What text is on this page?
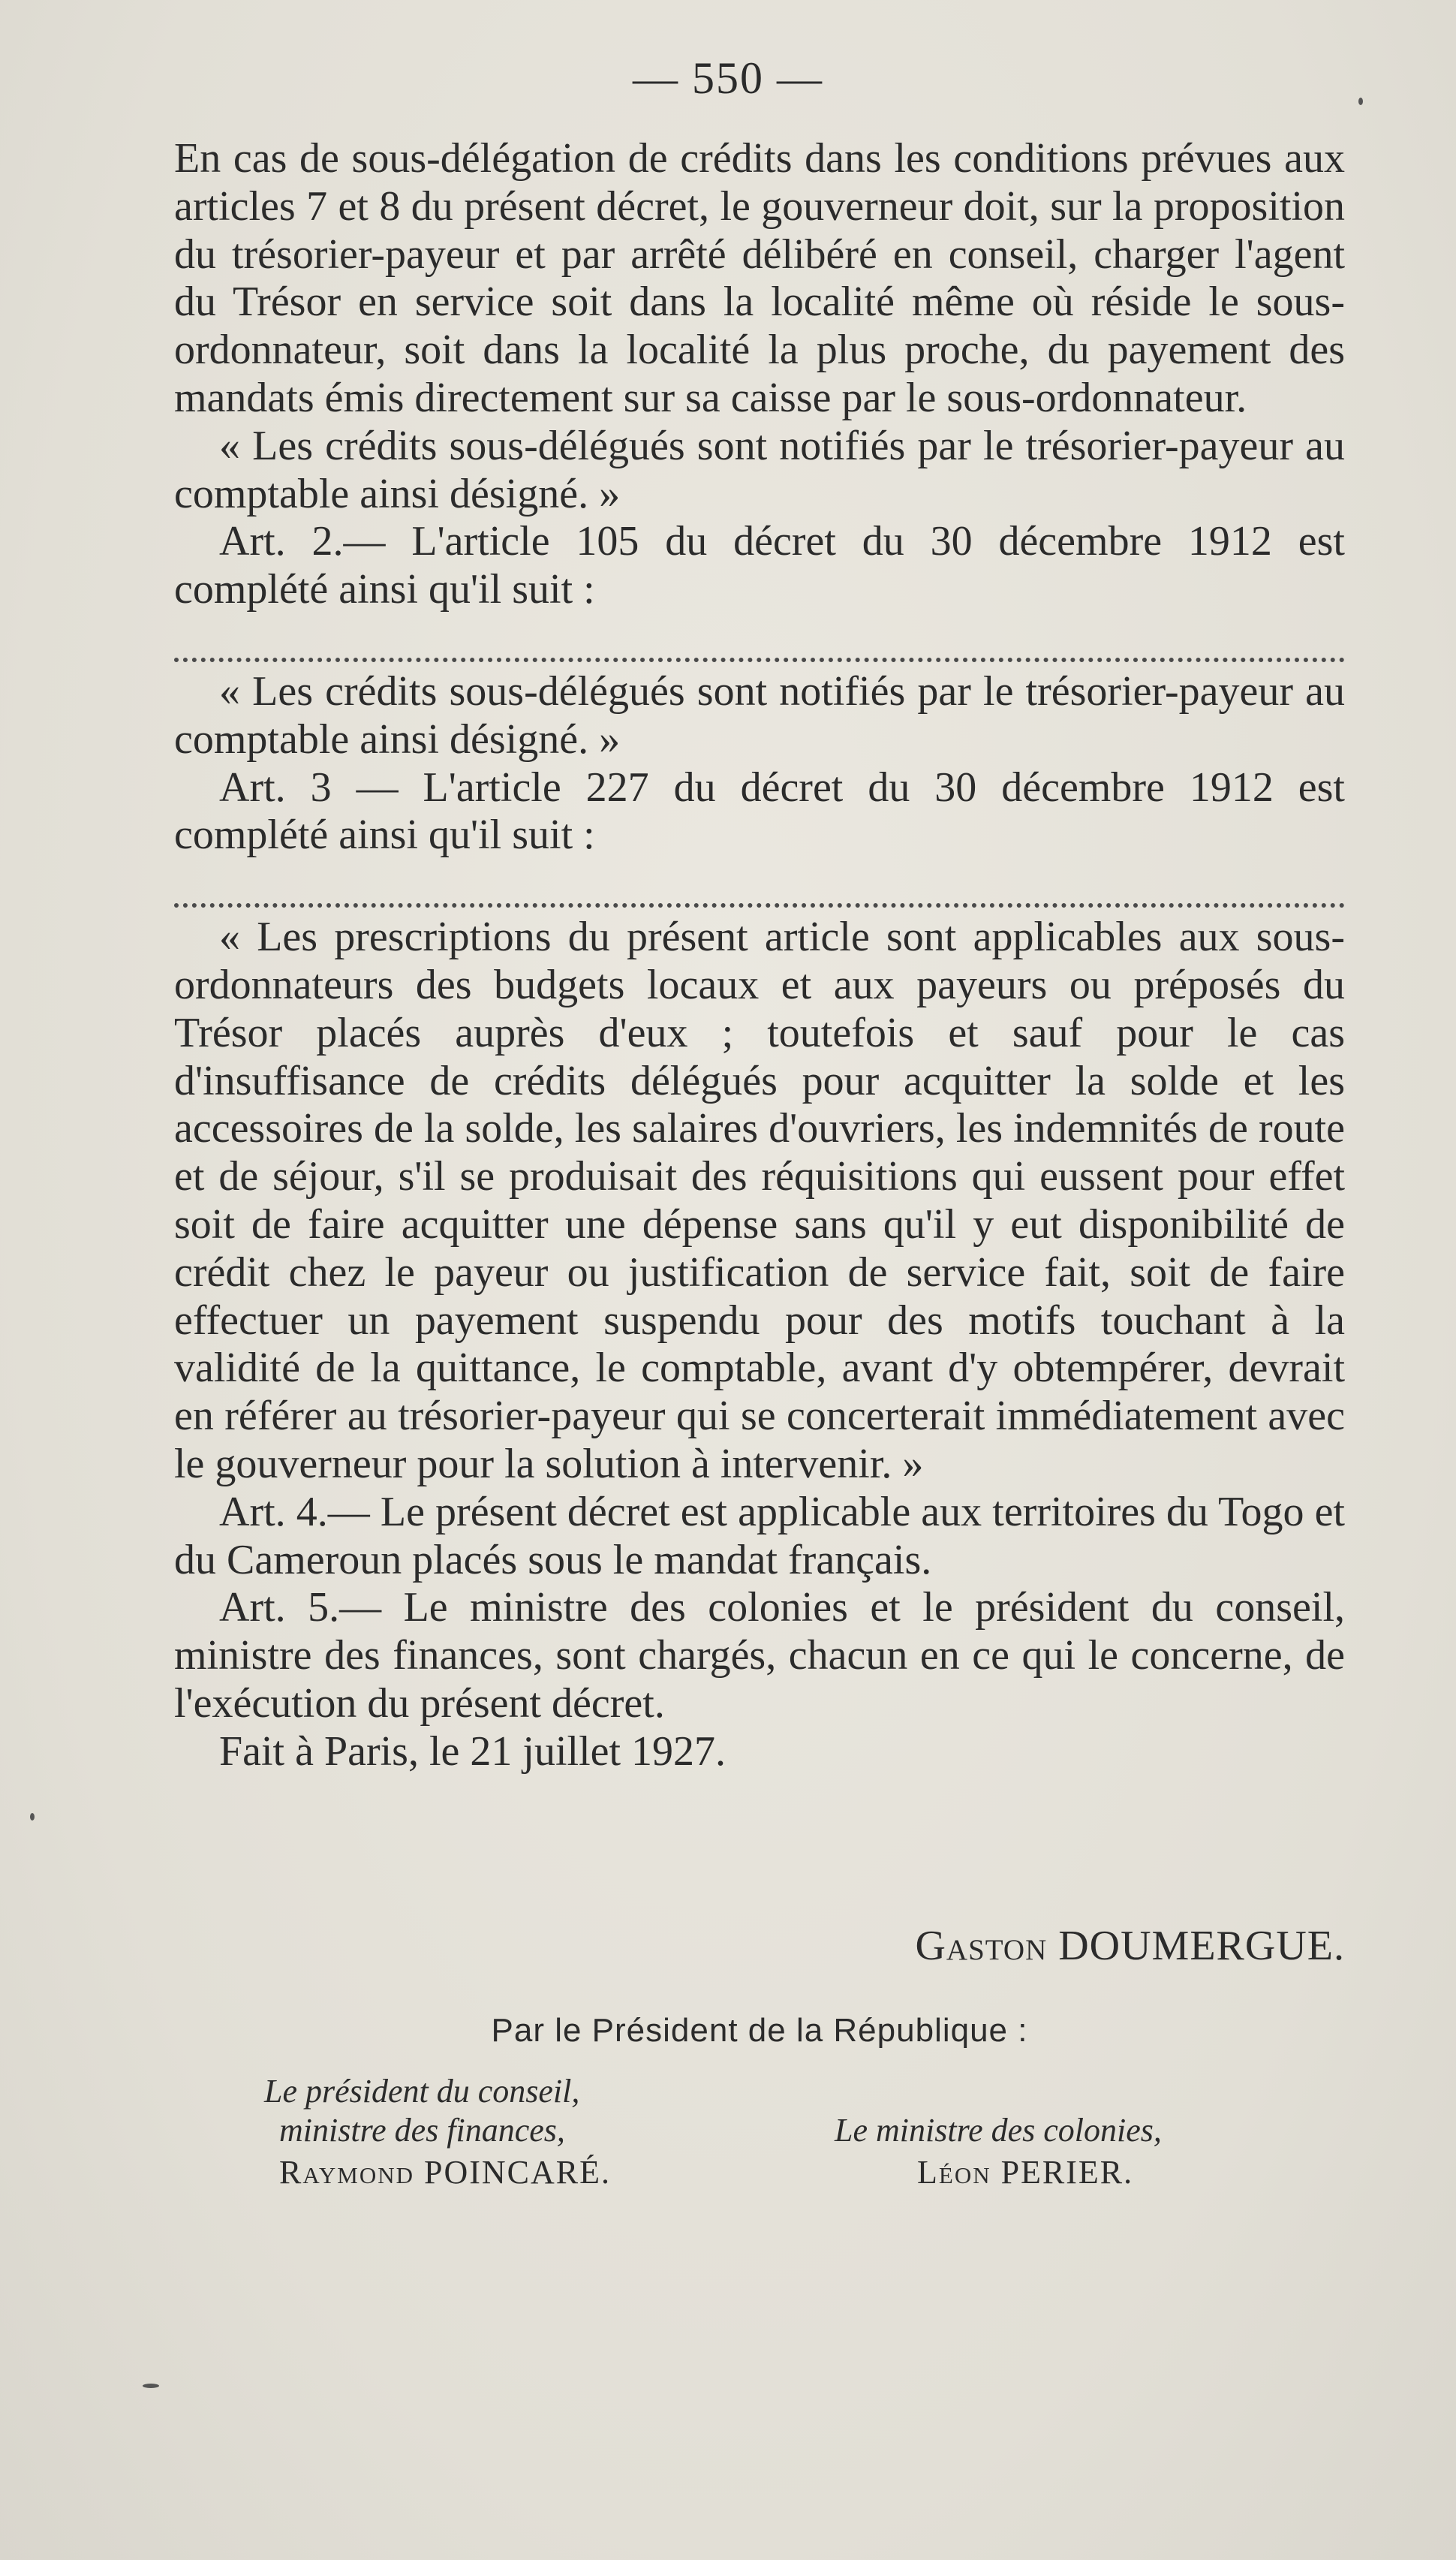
— 550 —

En cas de sous-délégation de crédits dans les conditions prévues aux articles 7 et 8 du présent décret, le gouverneur doit, sur la proposition du trésorier-payeur et par arrêté délibéré en conseil, charger l'agent du Trésor en service soit dans la localité même où réside le sous-ordonnateur, soit dans la localité la plus proche, du payement des mandats émis directement sur sa caisse par le sous-ordonnateur.

« Les crédits sous-délégués sont notifiés par le trésorier-payeur au comptable ainsi désigné. »

Art. 2.— L'article 105 du décret du 30 décembre 1912 est complété ainsi qu'il suit :

« Les crédits sous-délégués sont notifiés par le trésorier-payeur au comptable ainsi désigné. »

Art. 3 — L'article 227 du décret du 30 décembre 1912 est complété ainsi qu'il suit :

« Les prescriptions du présent article sont applicables aux sous-ordonnateurs des budgets locaux et aux payeurs ou préposés du Trésor placés auprès d'eux ; toutefois et sauf pour le cas d'insuffisance de crédits délégués pour acquitter la solde et les accessoires de la solde, les salaires d'ouvriers, les indemnités de route et de séjour, s'il se produisait des réquisitions qui eussent pour effet soit de faire acquitter une dépense sans qu'il y eut disponibilité de crédit chez le payeur ou justification de service fait, soit de faire effectuer un payement suspendu pour des motifs touchant à la validité de la quittance, le comptable, avant d'y obtempérer, devrait en référer au trésorier-payeur qui se concerterait immédiatement avec le gouverneur pour la solution à intervenir. »

Art. 4.— Le présent décret est applicable aux territoires du Togo et du Cameroun placés sous le mandat français.

Art. 5.— Le ministre des colonies et le président du conseil, ministre des finances, sont chargés, chacun en ce qui le concerne, de l'exécution du présent décret.

Fait à Paris, le 21 juillet 1927.

Gaston DOUMERGUE.
Par le Président de la République :
Le président du conseil,
ministre des finances,
Raymond POINCARÉ.
Le ministre des colonies,
Léon PERIER.
